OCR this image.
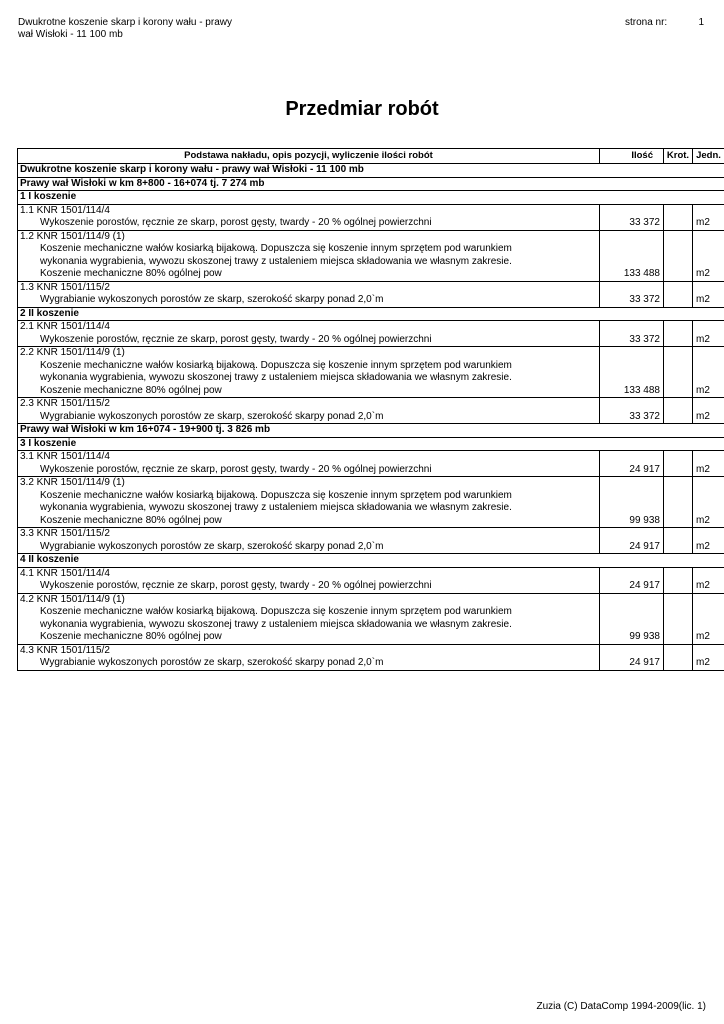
Dwukrotne koszenie skarp i korony wału - prawy
wał Wisłoki - 11 100 mb
strona nr:	1
Przedmiar robót
Podstawa nakładu, opis pozycji, wyliczenie ilości robót	Ilość	Krot.	Jedn.
Dwukrotne koszenie skarp i korony wału - prawy wał Wisłoki - 11 100 mb			
Prawy wał Wisłoki w km 8+800 - 16+074 tj. 7 274 mb			
1 I koszenie			

1.1 KNR 1501/114/4
Wykoszenie porostów, ręcznie ze skarp, porost gęsty, twardy - 20 % ogólnej powierzchni	33 372		m2

1.2 KNR 1501/114/9 (1)
Koszenie mechaniczne wałów kosiarką bijakową. Dopuszcza się koszenie innym sprzętem pod warunkiem
wykonania wygrabienia, wywozu skoszonej trawy z ustaleniem miejsca składowania we własnym zakresie.
Koszenie mechaniczne 80% ogólnej pow	133 488		m2

1.3 KNR 1501/115/2
Wygrabianie wykoszonych porostów ze skarp, szerokość skarpy ponad 2,0`m	33 372		m2
2 II koszenie			

2.1 KNR 1501/114/4
Wykoszenie porostów, ręcznie ze skarp, porost gęsty, twardy - 20 % ogólnej powierzchni	33 372		m2

2.2 KNR 1501/114/9 (1)
Koszenie mechaniczne wałów kosiarką bijakową. Dopuszcza się koszenie innym sprzętem pod warunkiem
wykonania wygrabienia, wywozu skoszonej trawy z ustaleniem miejsca składowania we własnym zakresie.
Koszenie mechaniczne 80% ogólnej pow	133 488		m2

2.3 KNR 1501/115/2
Wygrabianie wykoszonych porostów ze skarp, szerokość skarpy ponad 2,0`m	33 372		m2
Prawy wał Wisłoki w km 16+074 - 19+900 tj. 3 826 mb			
3 I koszenie			

3.1 KNR 1501/114/4
Wykoszenie porostów, ręcznie ze skarp, porost gęsty, twardy - 20 % ogólnej powierzchni	24 917		m2

3.2 KNR 1501/114/9 (1)
Koszenie mechaniczne wałów kosiarką bijakową. Dopuszcza się koszenie innym sprzętem pod warunkiem
wykonania wygrabienia, wywozu skoszonej trawy z ustaleniem miejsca składowania we własnym zakresie.
Koszenie mechaniczne 80% ogólnej pow	99 938		m2

3.3 KNR 1501/115/2
Wygrabianie wykoszonych porostów ze skarp, szerokość skarpy ponad 2,0`m	24 917		m2
4 II koszenie			

4.1 KNR 1501/114/4
Wykoszenie porostów, ręcznie ze skarp, porost gęsty, twardy - 20 % ogólnej powierzchni	24 917		m2

4.2 KNR 1501/114/9 (1)
Koszenie mechaniczne wałów kosiarką bijakową. Dopuszcza się koszenie innym sprzętem pod warunkiem
wykonania wygrabienia, wywozu skoszonej trawy z ustaleniem miejsca składowania we własnym zakresie.
Koszenie mechaniczne 80% ogólnej pow	99 938		m2

4.3 KNR 1501/115/2
Wygrabianie wykoszonych porostów ze skarp, szerokość skarpy ponad 2,0`m	24 917		m2
Zuzia (C) DataComp 1994-2009(lic. 1)
